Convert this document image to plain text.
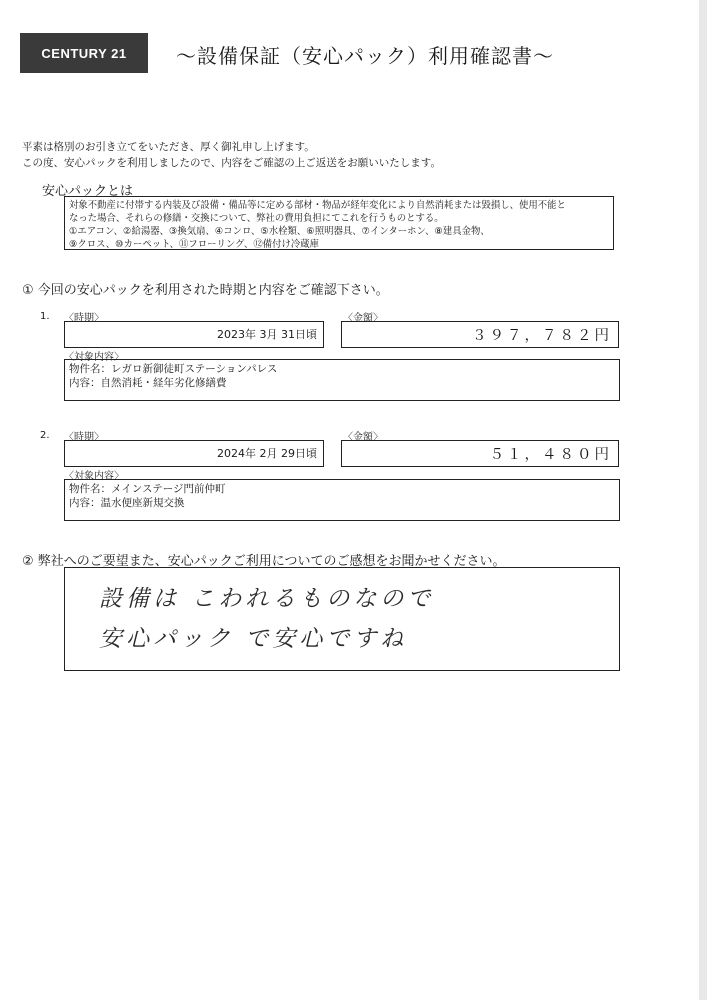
CENTURY 21 ～設備保証（安心パック）利用確認書～
平素は格別のお引き立てをいただき、厚く御礼申し上げます。
この度、安心パックを利用しましたので、内容をご確認の上ご返送をお願いいたします。
安心パックとは
対象不動産に付帯する内装及び設備・備品等に定める部材・物品が経年変化により自然消耗または毀損し、使用不能と
なった場合、それらの修繕・交換について、弊社の費用負担にてこれを行うものとする。
①エアコン、②給湯器、③換気扇、④コンロ、⑤水栓類、⑥照明器具、⑦インターホン、⑧建具金物、
⑨クロス、⑩カーペット、⑪フローリング、⑫備付け冷蔵庫
① 今回の安心パックを利用された時期と内容をご確認下さい。
1. 〈時期〉
2023年 3月 31日頃
〈金額〉
３９７，７８２円
〈対象内容〉
物件名：レガロ新御徒町ステーションパレス
内容：自然消耗・経年劣化修繕費
2. 〈時期〉
2024年 2月 29日頃
〈金額〉
５１，４８０円
〈対象内容〉
物件名：メインステージ門前仲町
内容：温水便座新規交換
② 弊社へのご要望また、安心パックご利用についてのご感想をお聞かせください。
設備は こわれるものなので
安心パック で安心ですね
